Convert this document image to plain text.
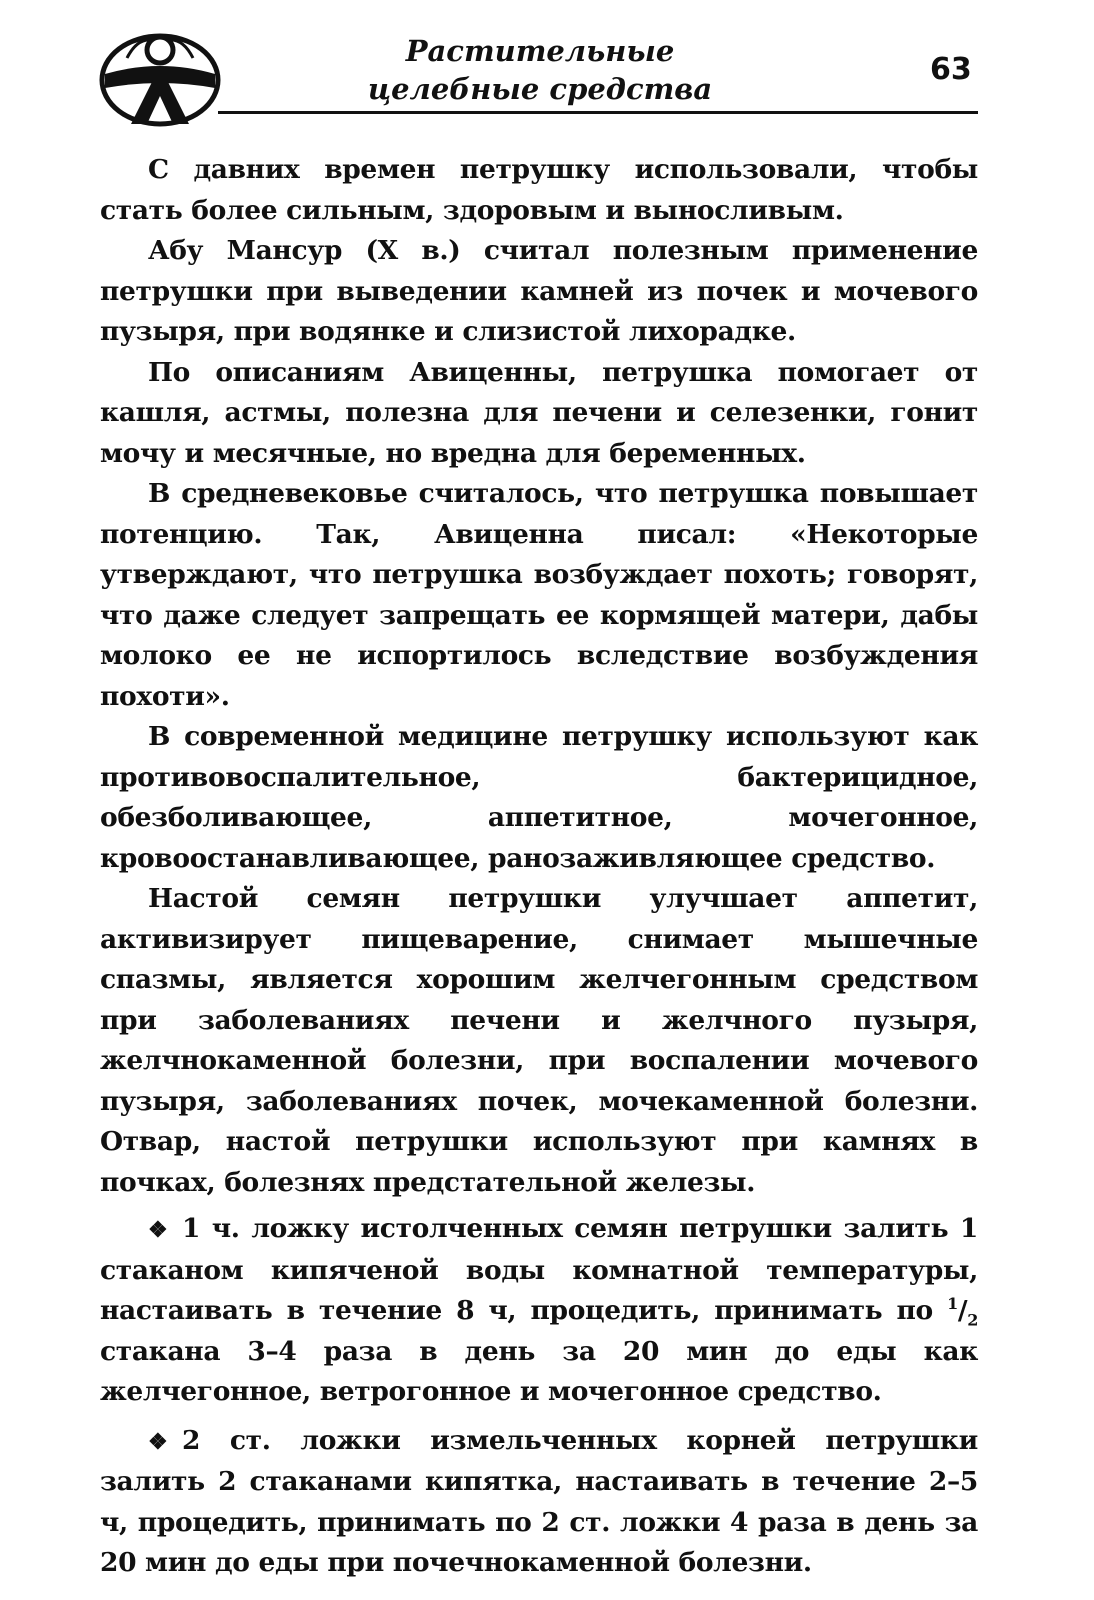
Растительные
целебные средства
63

С давних времен петрушку использовали, чтобы стать более сильным, здоровым и выносливым.

Абу Мансур (X в.) считал полезным применение петрушки при выведении камней из почек и мочевого пузыря, при водянке и слизистой лихорадке.

По описаниям Авиценны, петрушка помогает от кашля, астмы, полезна для печени и селезенки, гонит мочу и месячные, но вредна для беременных.

В средневековье считалось, что петрушка повышает потенцию. Так, Авиценна писал: «Некоторые утверждают, что петрушка возбуждает похоть; говорят, что даже следует запрещать ее кормящей матери, дабы молоко ее не испортилось вследствие возбуждения похоти».

В современной медицине петрушку используют как противовоспалительное, бактерицидное, обезболивающее, аппетитное, мочегонное, кровоостанавливающее, ранозаживляющее средство.

Настой семян петрушки улучшает аппетит, активизирует пищеварение, снимает мышечные спазмы, является хорошим желчегонным средством при заболеваниях печени и желчного пузыря, желчнокаменной болезни, при воспалении мочевого пузыря, заболеваниях почек, мочекаменной болезни. Отвар, настой петрушки используют при камнях в почках, болезнях предстательной железы.

❖ 1 ч. ложку истолченных семян петрушки залить 1 стаканом кипяченой воды комнатной температуры, настаивать в течение 8 ч, процедить, принимать по $^1/_2$ стакана 3–4 раза в день за 20 мин до еды как желчегонное, ветрогонное и мочегонное средство.

❖ 2 ст. ложки измельченных корней петрушки залить 2 стаканами кипятка, настаивать в течение 2–5 ч, процедить, принимать по 2 ст. ложки 4 раза в день за 20 мин до еды при почечнокаменной болезни.
